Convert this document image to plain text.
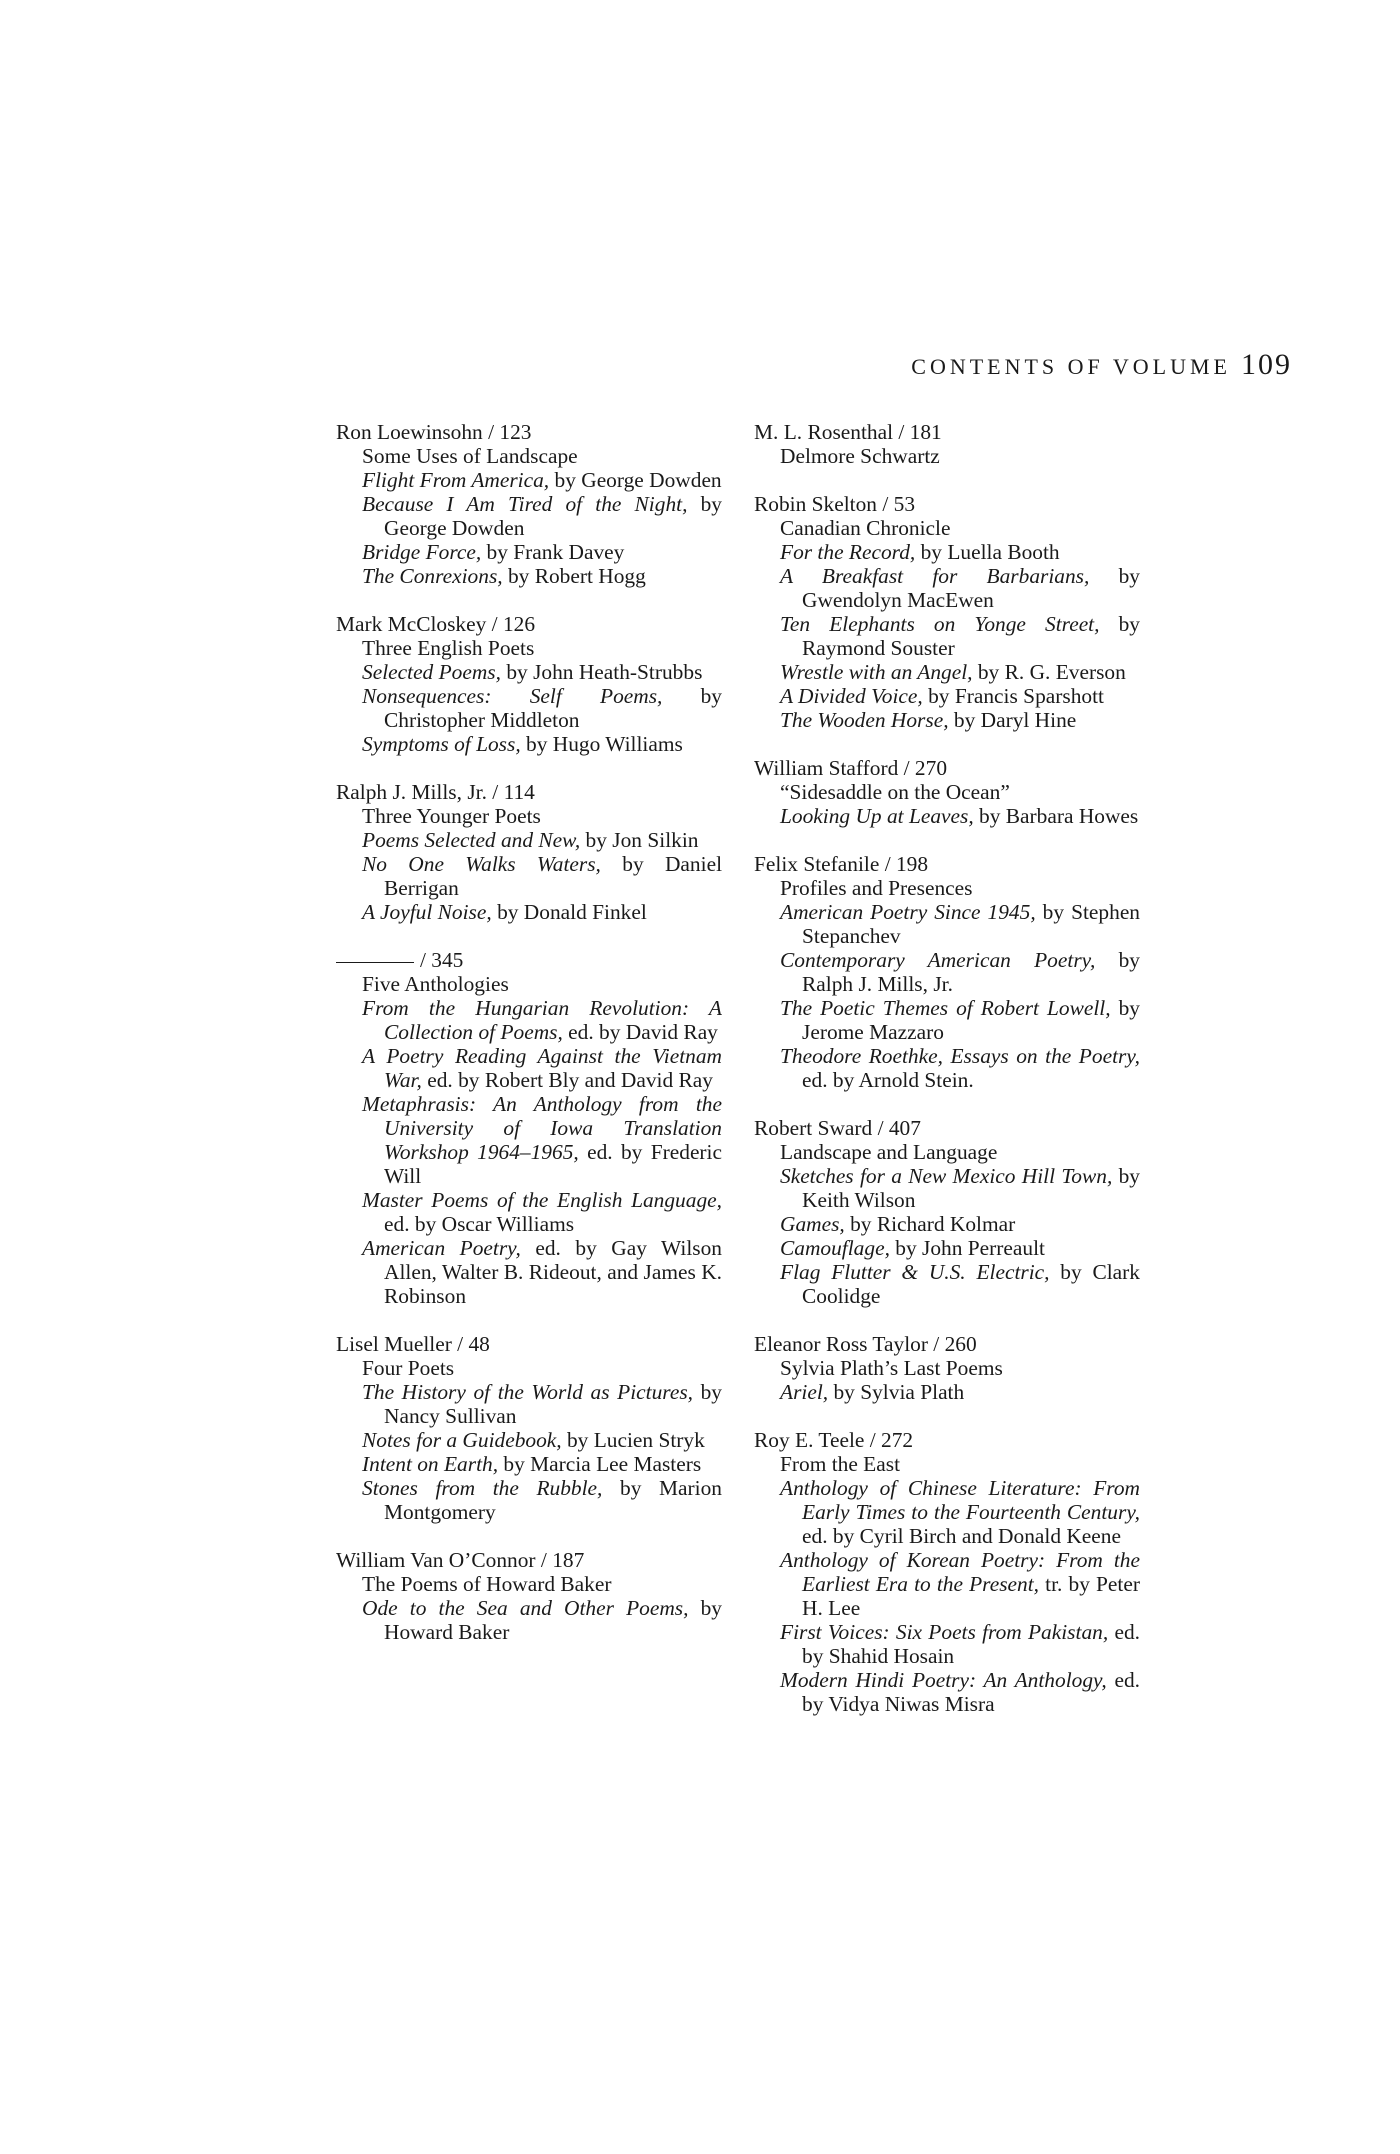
CONTENTS OF VOLUME 109
Ron Loewinsohn / 123
Some Uses of Landscape
Flight From America, by George Dowden
Because I Am Tired of the Night, by George Dowden
Bridge Force, by Frank Davey
The Conrexions, by Robert Hogg
Mark McCloskey / 126
Three English Poets
Selected Poems, by John Heath-Strubbs
Nonsequences: Self Poems, by Christopher Middleton
Symptoms of Loss, by Hugo Williams
Ralph J. Mills, Jr. / 114
Three Younger Poets
Poems Selected and New, by Jon Silkin
No One Walks Waters, by Daniel Berrigan
A Joyful Noise, by Donald Finkel
/ 345
Five Anthologies
From the Hungarian Revolution: A Collection of Poems, ed. by David Ray
A Poetry Reading Against the Vietnam War, ed. by Robert Bly and David Ray
Metaphrasis: An Anthology from the University of Iowa Translation Workshop 1964–1965, ed. by Frederic Will
Master Poems of the English Language, ed. by Oscar Williams
American Poetry, ed. by Gay Wilson Allen, Walter B. Rideout, and James K. Robinson
Lisel Mueller / 48
Four Poets
The History of the World as Pictures, by Nancy Sullivan
Notes for a Guidebook, by Lucien Stryk
Intent on Earth, by Marcia Lee Masters
Stones from the Rubble, by Marion Montgomery
William Van O’Connor / 187
The Poems of Howard Baker
Ode to the Sea and Other Poems, by Howard Baker
M. L. Rosenthal / 181
Delmore Schwartz
Robin Skelton / 53
Canadian Chronicle
For the Record, by Luella Booth
A Breakfast for Barbarians, by Gwendolyn MacEwen
Ten Elephants on Yonge Street, by Raymond Souster
Wrestle with an Angel, by R. G. Everson
A Divided Voice, by Francis Sparshott
The Wooden Horse, by Daryl Hine
William Stafford / 270
“Sidesaddle on the Ocean”
Looking Up at Leaves, by Barbara Howes
Felix Stefanile / 198
Profiles and Presences
American Poetry Since 1945, by Stephen Stepanchev
Contemporary American Poetry, by Ralph J. Mills, Jr.
The Poetic Themes of Robert Lowell, by Jerome Mazzaro
Theodore Roethke, Essays on the Poetry, ed. by Arnold Stein.
Robert Sward / 407
Landscape and Language
Sketches for a New Mexico Hill Town, by Keith Wilson
Games, by Richard Kolmar
Camouflage, by John Perreault
Flag Flutter & U.S. Electric, by Clark Coolidge
Eleanor Ross Taylor / 260
Sylvia Plath’s Last Poems
Ariel, by Sylvia Plath
Roy E. Teele / 272
From the East
Anthology of Chinese Literature: From Early Times to the Fourteenth Century, ed. by Cyril Birch and Donald Keene
Anthology of Korean Poetry: From the Earliest Era to the Present, tr. by Peter H. Lee
First Voices: Six Poets from Pakistan, ed. by Shahid Hosain
Modern Hindi Poetry: An Anthology, ed. by Vidya Niwas Misra
